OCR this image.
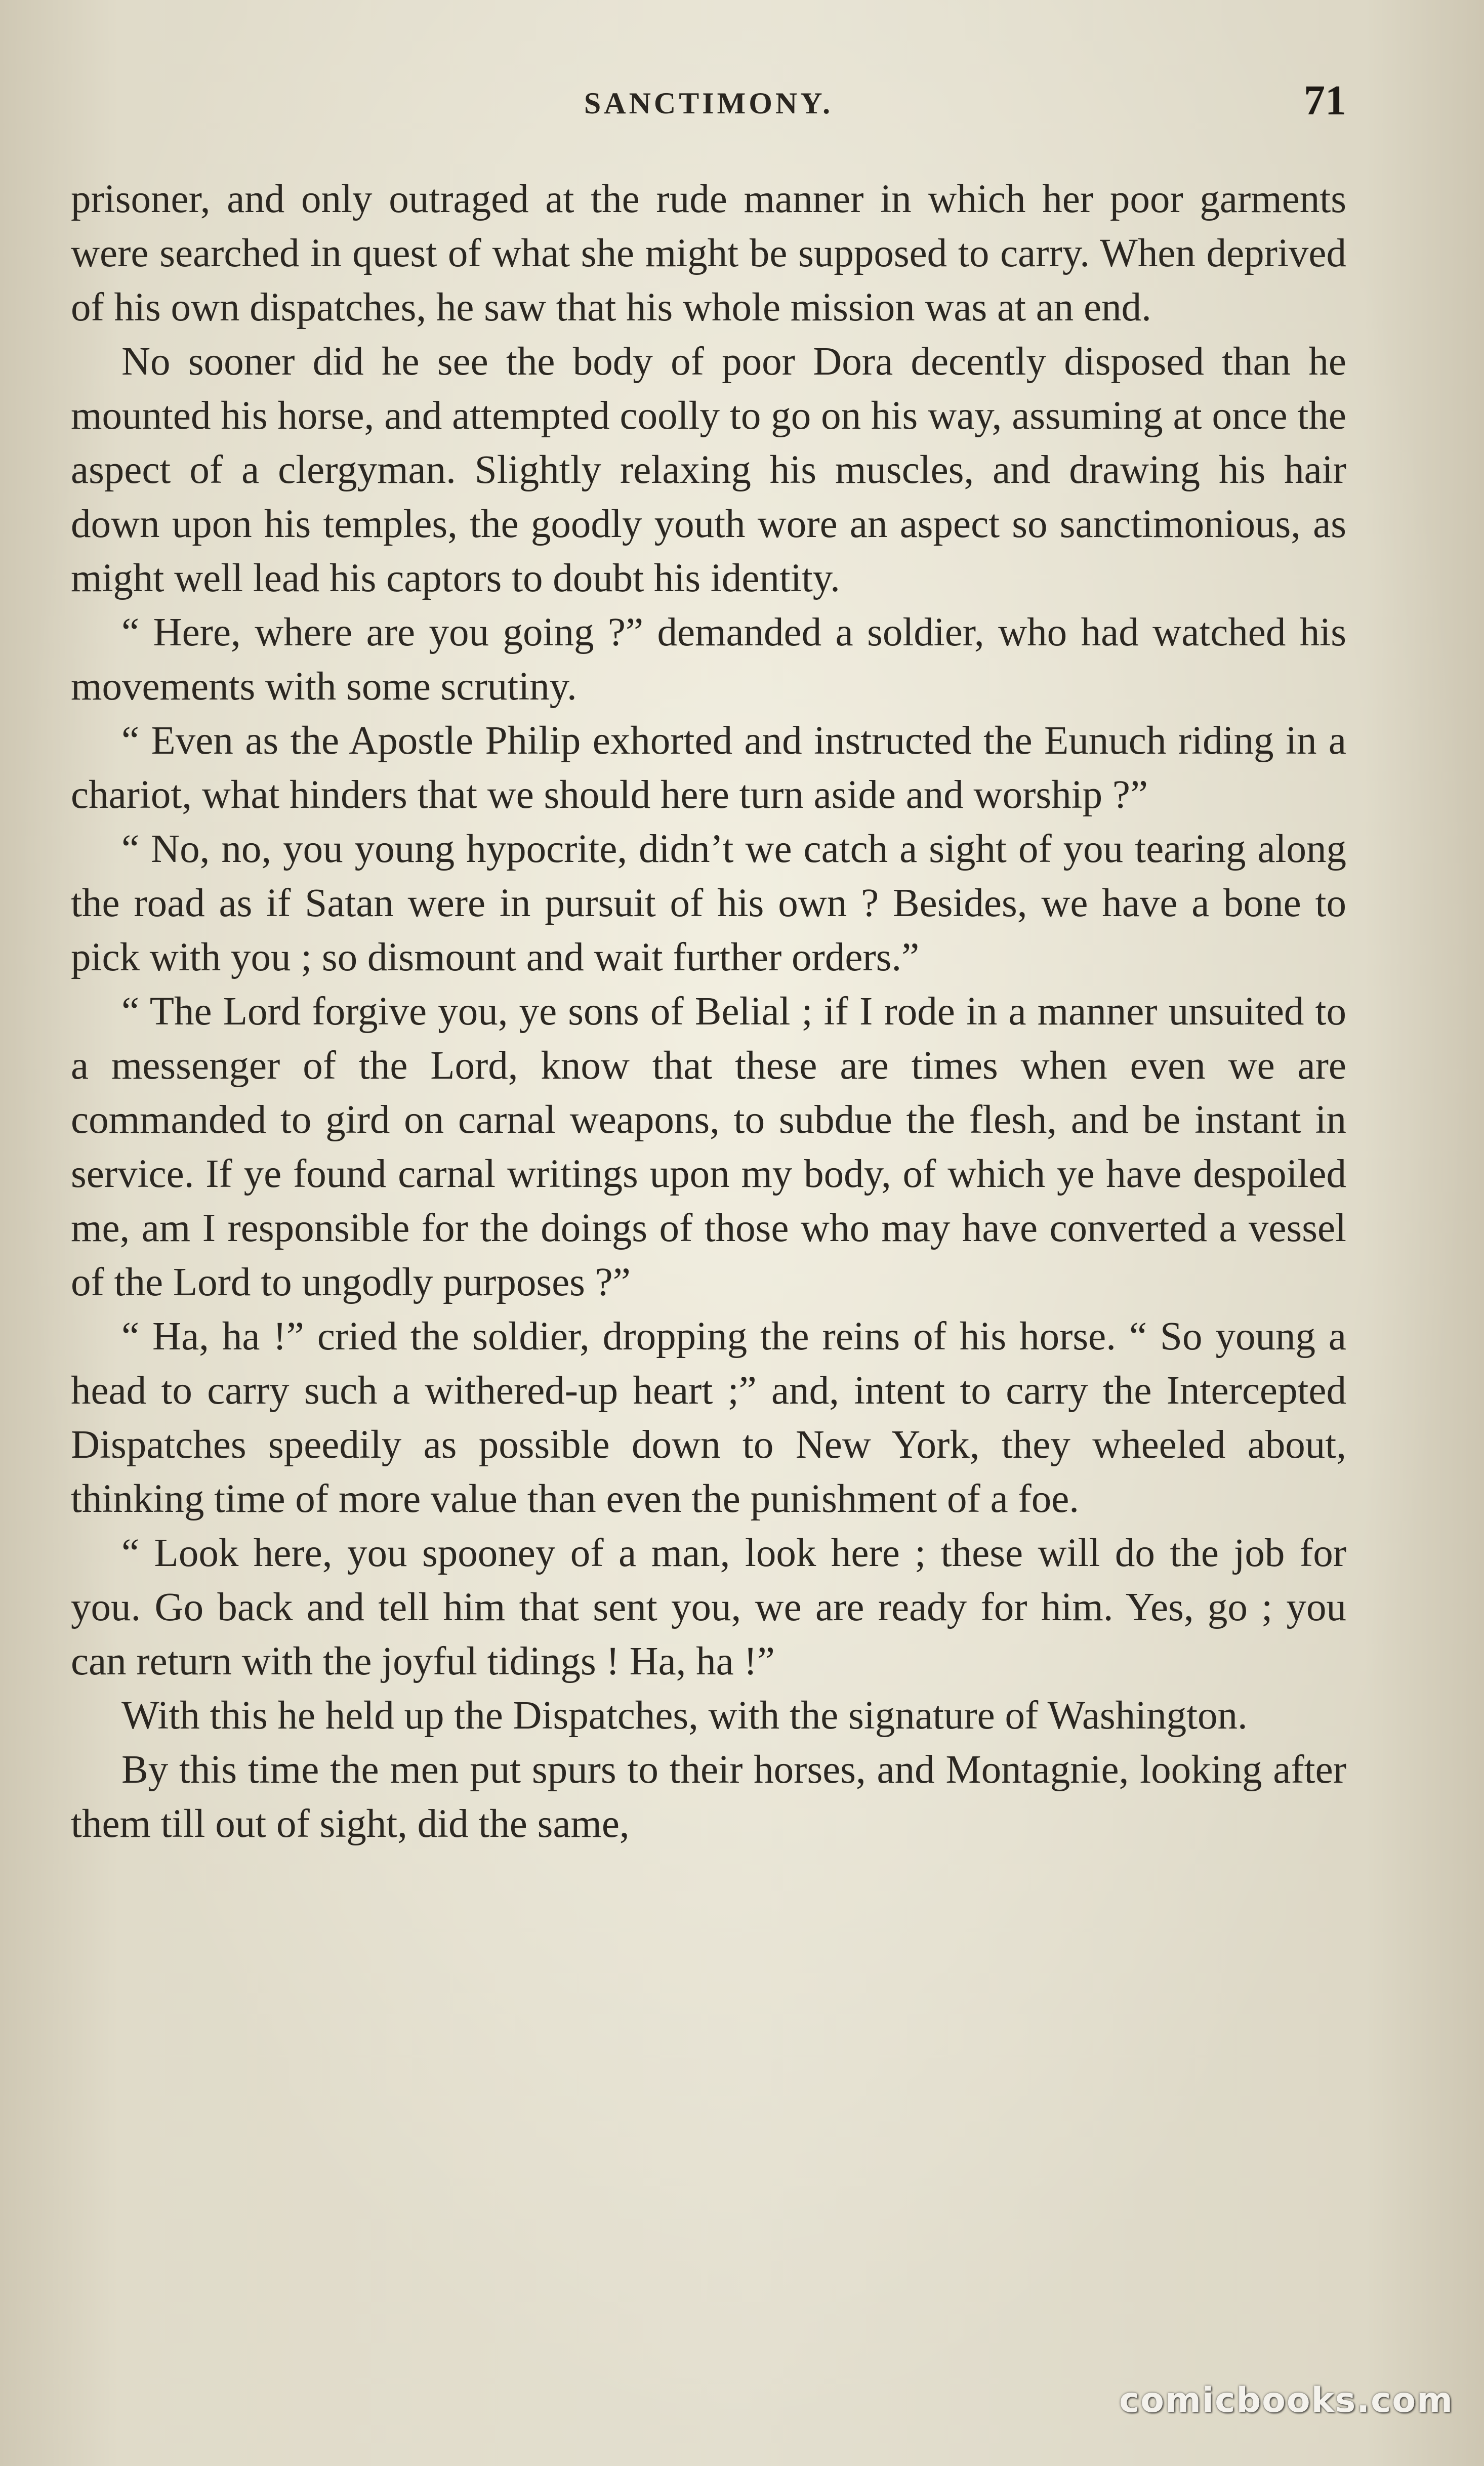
SANCTIMONY.	71

prisoner, and only outraged at the rude manner in which her poor garments were searched in quest of what she might be supposed to carry. When deprived of his own dispatches, he saw that his whole mission was at an end.

No sooner did he see the body of poor Dora decently disposed than he mounted his horse, and attempted coolly to go on his way, assuming at once the aspect of a clergyman. Slightly relaxing his muscles, and drawing his hair down upon his temples, the goodly youth wore an aspect so sanctimonious, as might well lead his captors to doubt his identity.

“ Here, where are you going ?” demanded a soldier, who had watched his movements with some scrutiny.

“ Even as the Apostle Philip exhorted and instructed the Eunuch riding in a chariot, what hinders that we should here turn aside and worship ?”

“ No, no, you young hypocrite, didn’t we catch a sight of you tearing along the road as if Satan were in pursuit of his own ? Besides, we have a bone to pick with you ; so dismount and wait further orders.”

“ The Lord forgive you, ye sons of Belial ; if I rode in a manner unsuited to a messenger of the Lord, know that these are times when even we are commanded to gird on carnal weapons, to subdue the flesh, and be instant in service. If ye found carnal writings upon my body, of which ye have despoiled me, am I responsible for the doings of those who may have converted a vessel of the Lord to ungodly purposes ?”

“ Ha, ha !” cried the soldier, dropping the reins of his horse. “ So young a head to carry such a withered-up heart ;” and, intent to carry the Intercepted Dispatches speedily as possible down to New York, they wheeled about, thinking time of more value than even the punishment of a foe.

“ Look here, you spooney of a man, look here ; these will do the job for you. Go back and tell him that sent you, we are ready for him. Yes, go ; you can return with the joyful tidings ! Ha, ha !”

With this he held up the Dispatches, with the signature of Washington.

By this time the men put spurs to their horses, and Montagnie, looking after them till out of sight, did the same,

comicbooks.com
